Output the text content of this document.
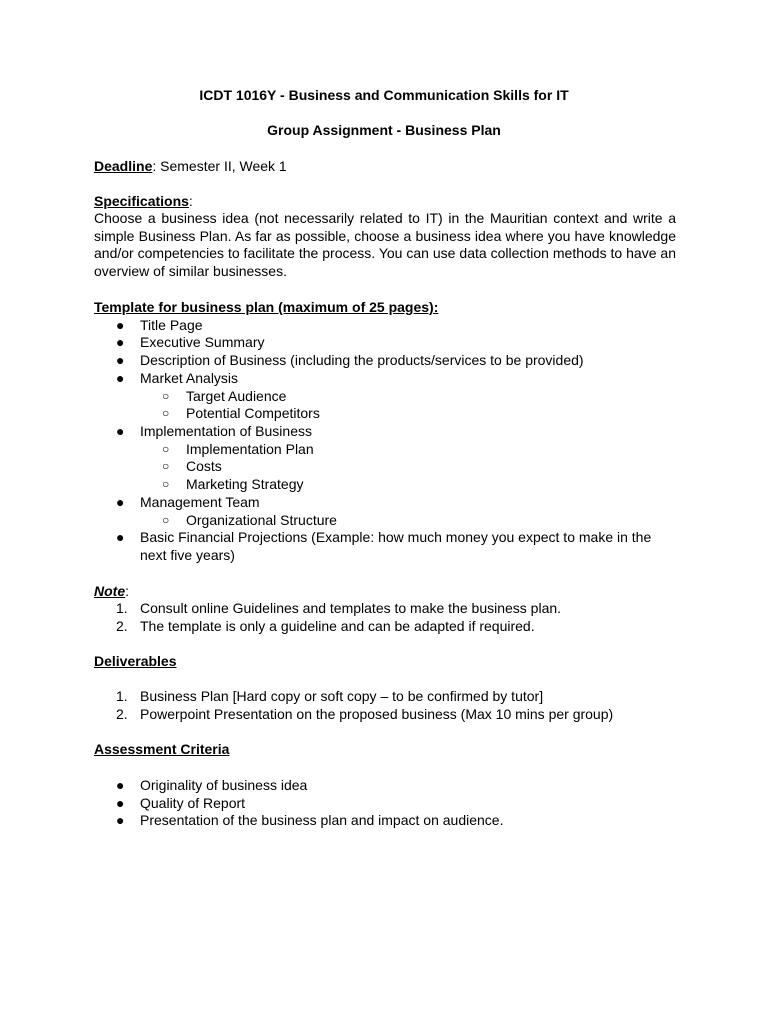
ICDT 1016Y - Business and Communication Skills for IT
Group Assignment - Business Plan
Deadline: Semester II, Week 1
Specifications:
Choose a business idea (not necessarily related to IT) in the Mauritian context and write a simple Business Plan. As far as possible, choose a business idea where you have knowledge and/or competencies to facilitate the process. You can use data collection methods to have an overview of similar businesses.
Template for business plan (maximum of 25 pages):
● Title Page
● Executive Summary
● Description of Business (including the products/services to be provided)
● Market Analysis
○ Target Audience
○ Potential Competitors
● Implementation of Business
○ Implementation Plan
○ Costs
○ Marketing Strategy
● Management Team
○ Organizational Structure
● Basic Financial Projections (Example: how much money you expect to make in the next five years)
Note:
1. Consult online Guidelines and templates to make the business plan.
2. The template is only a guideline and can be adapted if required.
Deliverables
1. Business Plan [Hard copy or soft copy – to be confirmed by tutor]
2. Powerpoint Presentation on the proposed business (Max 10 mins per group)
Assessment Criteria
● Originality of business idea
● Quality of Report
● Presentation of the business plan and impact on audience.
